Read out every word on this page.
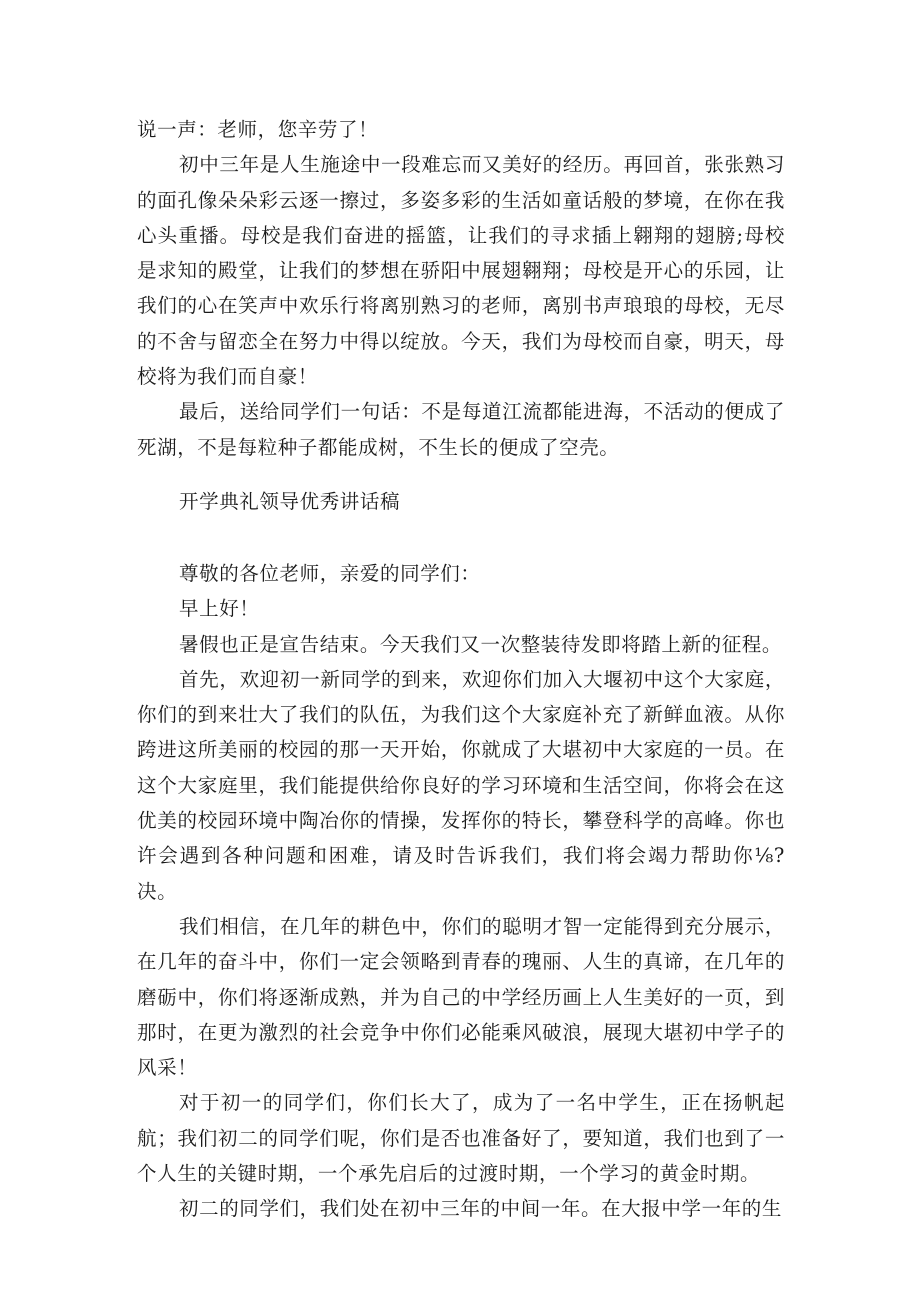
说一声：老师，您辛劳了！

初中三年是人生施途中一段难忘而又美好的经历。再回首，张张熟习的面孔像朵朵彩云逐一擦过，多姿多彩的生活如童话般的梦境，在你在我心头重播。母校是我们奋进的摇篮，让我们的寻求插上翱翔的翅膀;母校是求知的殿堂，让我们的梦想在骄阳中展翅翱翔；母校是开心的乐园，让我们的心在笑声中欢乐行将离别熟习的老师，离别书声琅琅的母校，无尽的不舍与留恋全在努力中得以绽放。今天，我们为母校而自豪，明天，母校将为我们而自豪！

最后，送给同学们一句话：不是每道江流都能进海，不活动的便成了死湖，不是每粒种子都能成树，不生长的便成了空壳。

开学典礼领导优秀讲话稿

尊敬的各位老师，亲爱的同学们：

早上好！

暑假也正是宣告结束。今天我们又一次整装待发即将踏上新的征程。

首先，欢迎初一新同学的到来，欢迎你们加入大堰初中这个大家庭，你们的到来壮大了我们的队伍，为我们这个大家庭补充了新鲜血液。从你跨进这所美丽的校园的那一天开始，你就成了大堪初中大家庭的一员。在这个大家庭里，我们能提供给你良好的学习环境和生活空间，你将会在这优美的校园环境中陶冶你的情操，发挥你的特长，攀登科学的高峰。你也许会遇到各种问题和困难，请及时告诉我们，我们将会竭力帮助你⅛?决。

我们相信，在几年的耕色中，你们的聪明才智一定能得到充分展示，在几年的奋斗中，你们一定会领略到青春的瑰丽、人生的真谛，在几年的磨砺中，你们将逐渐成熟，并为自己的中学经历画上人生美好的一页，到那时，在更为激烈的社会竞争中你们必能乘风破浪，展现大堪初中学子的风采！

对于初一的同学们，你们长大了，成为了一名中学生，正在扬帆起航；我们初二的同学们呢，你们是否也准备好了，要知道，我们也到了一个人生的关键时期，一个承先启后的过渡时期，一个学习的黄金时期。

初二的同学们，我们处在初中三年的中间一年。在大报中学一年的生
